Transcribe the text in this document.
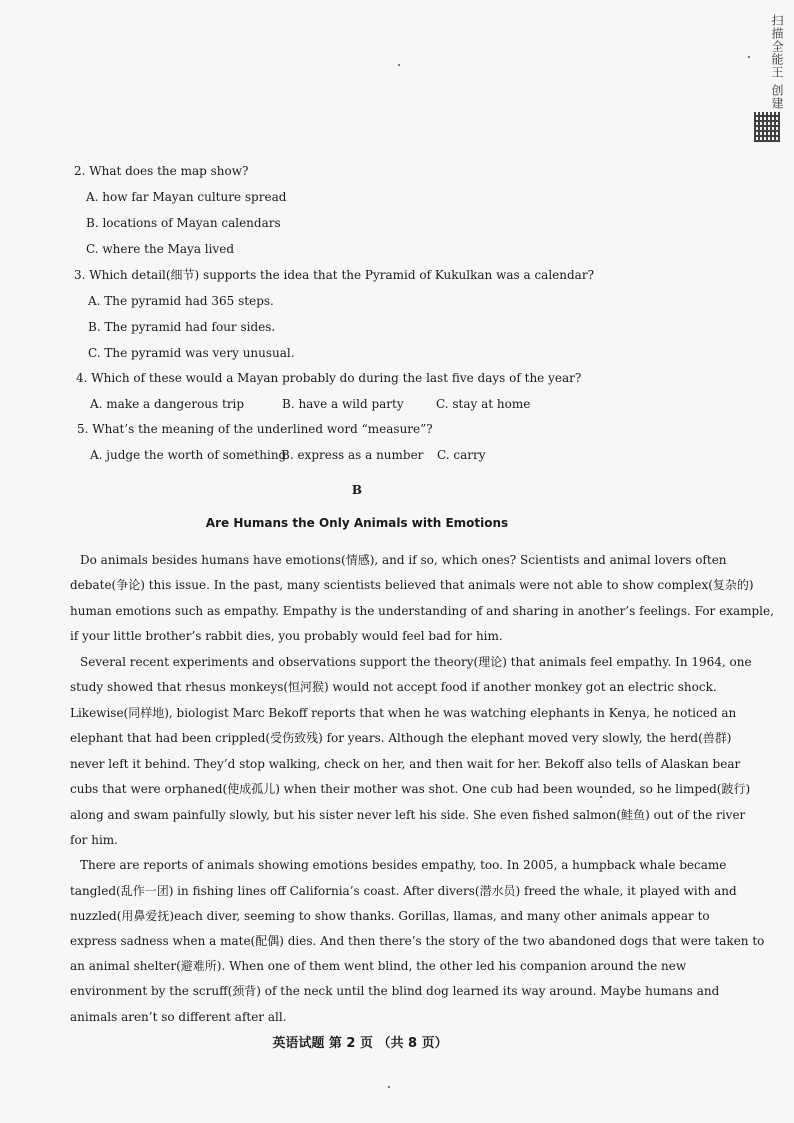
扫描全能王 创建
2. What does the map show?
A. how far Mayan culture spread
B. locations of Mayan calendars
C. where the Maya lived
3. Which detail(细节) supports the idea that the Pyramid of Kukulkan was a calendar?
A. The pyramid had 365 steps.
B. The pyramid had four sides.
C. The pyramid was very unusual.
4. Which of these would a Mayan probably do during the last five days of the year?
A. make a dangerous trip	B. have a wild party	C. stay at home
5. What’s the meaning of the underlined word “measure”?
A. judge the worth of something
B. express as a number C. carry
B
Are Humans the Only Animals with Emotions
Do animals besides humans have emotions(情感), and if so, which ones? Scientists and animal lovers often
debate(争论) this issue. In the past, many scientists believed that animals were not able to show complex(复杂的)
human emotions such as empathy. Empathy is the understanding of and sharing in another’s feelings. For example,
if your little brother’s rabbit dies, you probably would feel bad for him.
Several recent experiments and observations support the theory(理论) that animals feel empathy. In 1964, one
study showed that rhesus monkeys(恒河猴) would not accept food if another monkey got an electric shock.
Likewise(同样地), biologist Marc Bekoff reports that when he was watching elephants in Kenya, he noticed an
elephant that had been crippled(受伤致残) for years. Although the elephant moved very slowly, the herd(兽群)
never left it behind. They’d stop walking, check on her, and then wait for her. Bekoff also tells of Alaskan bear
cubs that were orphaned(使成孤儿) when their mother was shot. One cub had been wounded, so he limped(跛行)
along and swam painfully slowly, but his sister never left his side. She even fished salmon(鲑鱼) out of the river
for him.
There are reports of animals showing emotions besides empathy, too. In 2005, a humpback whale became
tangled(乱作一团) in fishing lines off California’s coast. After divers(潜水员) freed the whale, it played with and
nuzzled(用鼻爱抚)each diver, seeming to show thanks. Gorillas, llamas, and many other animals appear to
express sadness when a mate(配偶) dies. And then there’s the story of the two abandoned dogs that were taken to
an animal shelter(避难所). When one of them went blind, the other led his companion around the new
environment by the scruff(颈背) of the neck until the blind dog learned its way around. Maybe humans and
animals aren’t so different after all.
英语试题 第 2 页 （共 8 页）
